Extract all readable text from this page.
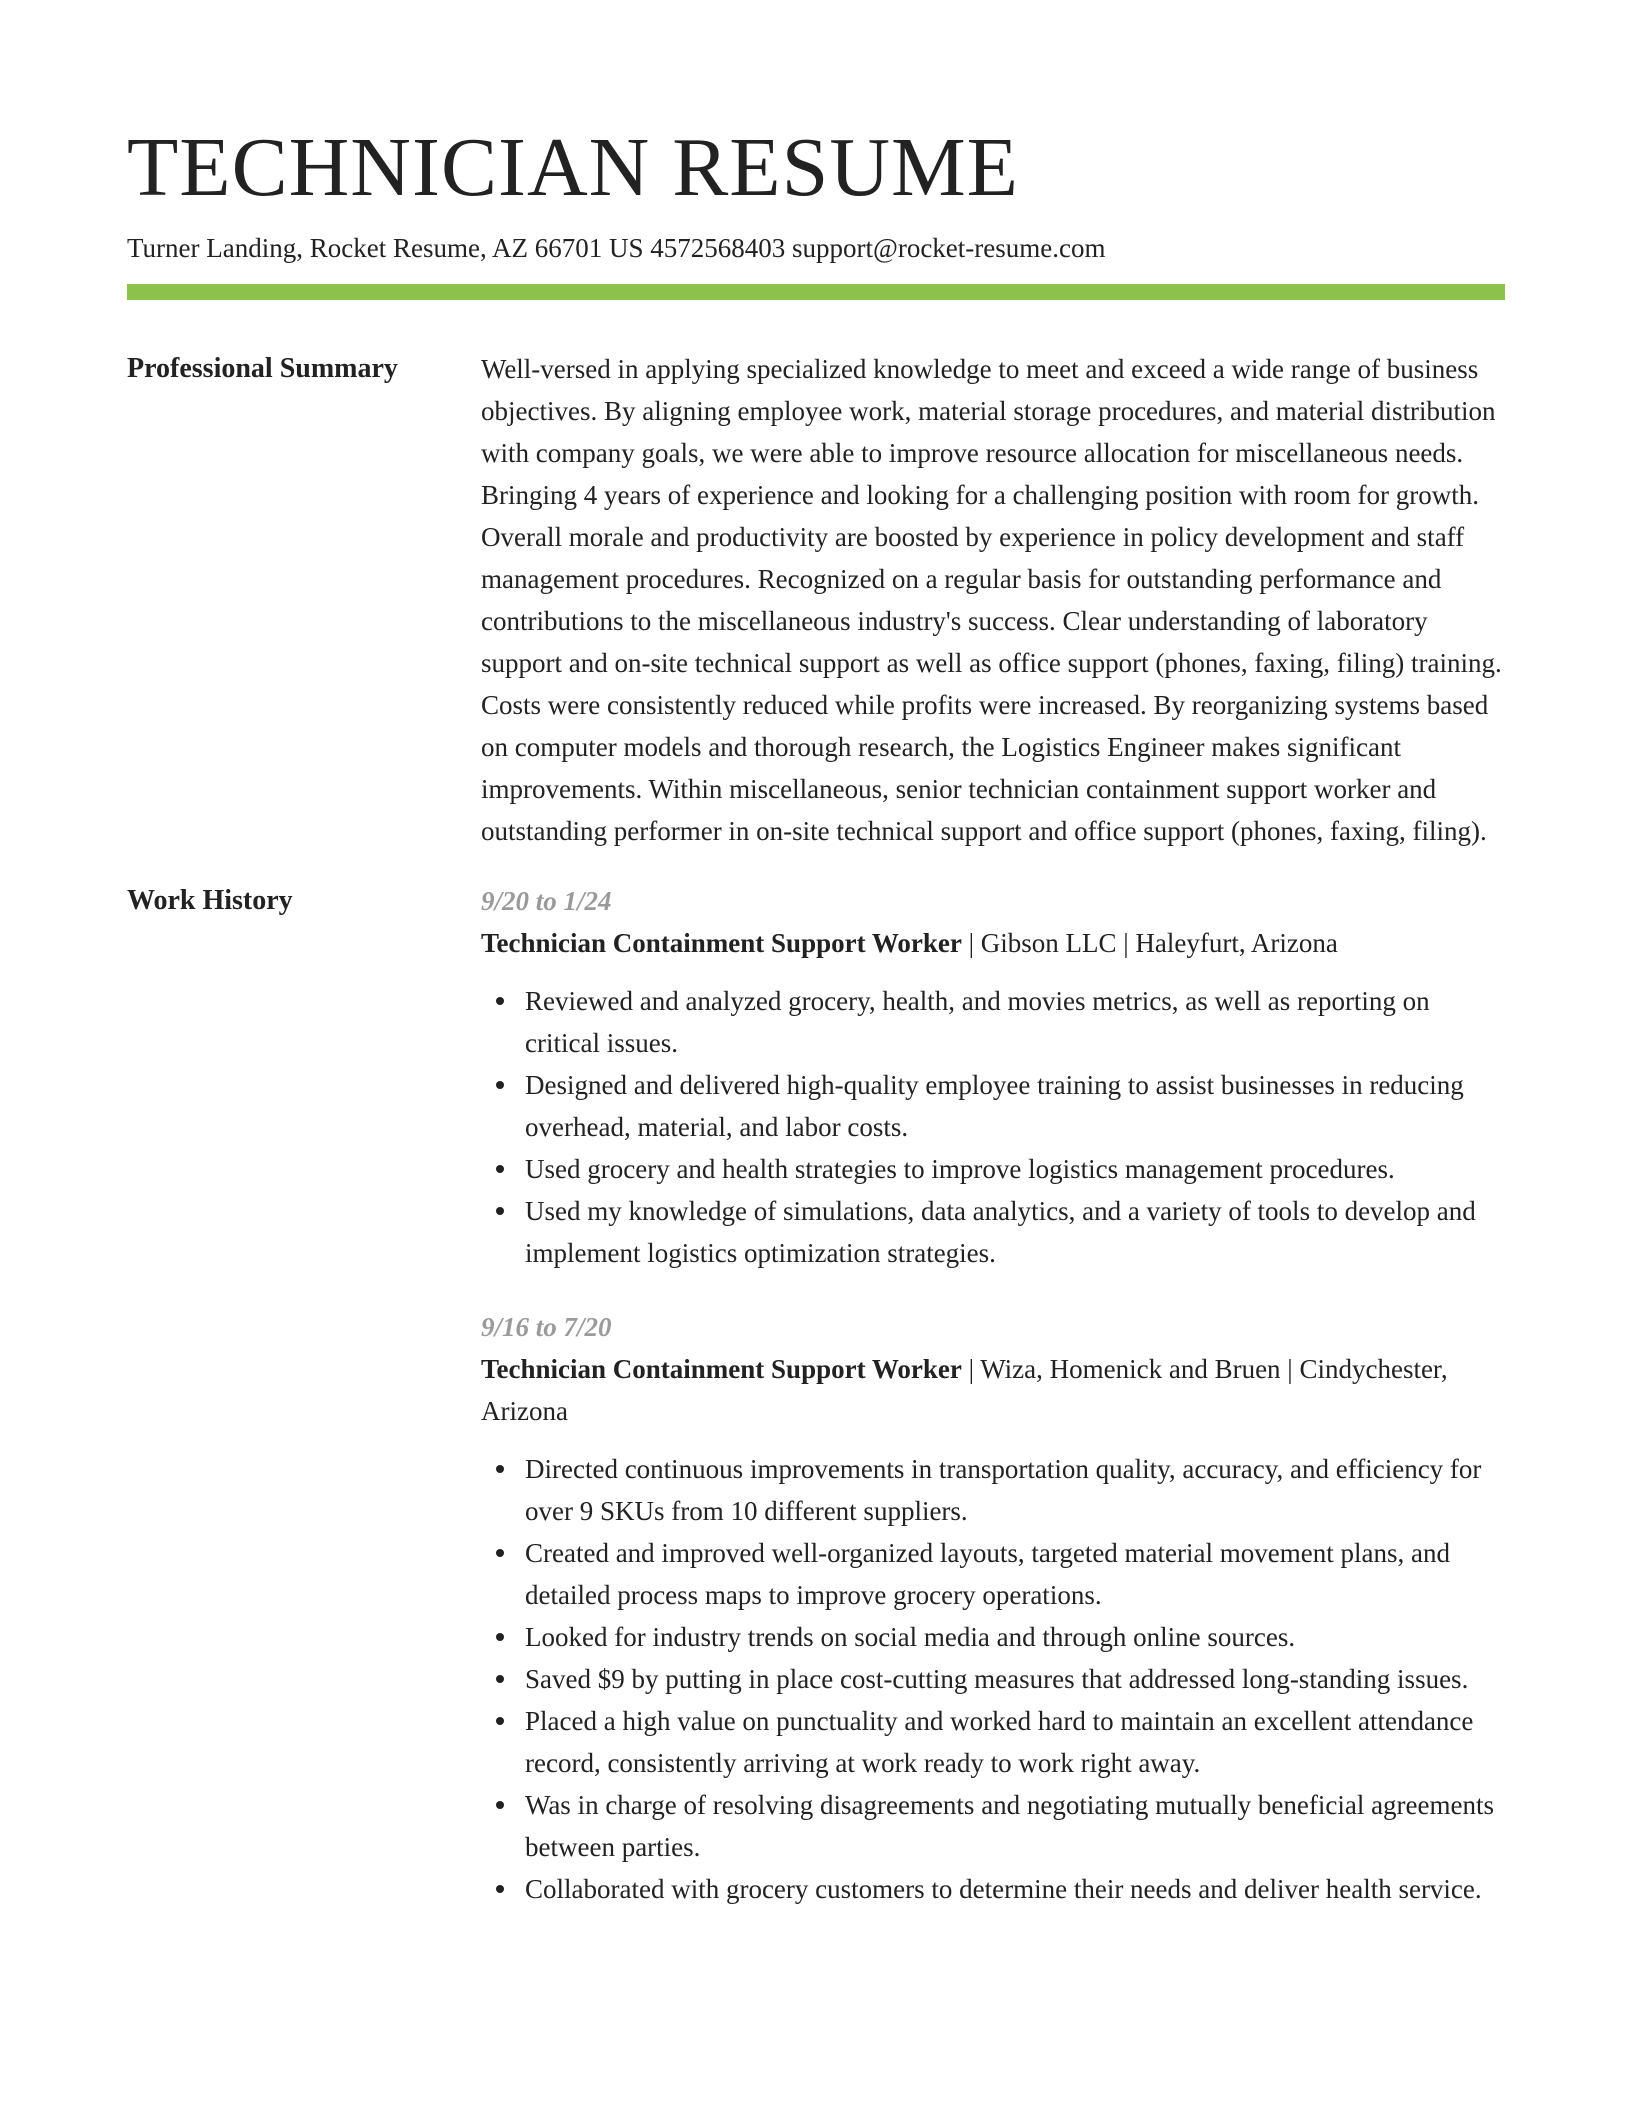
TECHNICIAN RESUME
Turner Landing, Rocket Resume, AZ 66701 US 4572568403 support@rocket-resume.com
Professional Summary	Well-versed in applying specialized knowledge to meet and exceed a wide range of business objectives. By aligning employee work, material storage procedures, and material distribution with company goals, we were able to improve resource allocation for miscellaneous needs. Bringing 4 years of experience and looking for a challenging position with room for growth. Overall morale and productivity are boosted by experience in policy development and staff management procedures. Recognized on a regular basis for outstanding performance and contributions to the miscellaneous industry's success. Clear understanding of laboratory support and on-site technical support as well as office support (phones, faxing, filing) training. Costs were consistently reduced while profits were increased. By reorganizing systems based on computer models and thorough research, the Logistics Engineer makes significant improvements. Within miscellaneous, senior technician containment support worker and outstanding performer in on-site technical support and office support (phones, faxing, filing).

Work History	9/20 to 1/24
Technician Containment Support Worker | Gibson LLC | Haleyfurt, Arizona
Reviewed and analyzed grocery, health, and movies metrics, as well as reporting on critical issues.
Designed and delivered high-quality employee training to assist businesses in reducing overhead, material, and labor costs.
Used grocery and health strategies to improve logistics management procedures.
Used my knowledge of simulations, data analytics, and a variety of tools to develop and implement logistics optimization strategies.
9/16 to 7/20
Technician Containment Support Worker | Wiza, Homenick and Bruen | Cindychester, Arizona
Directed continuous improvements in transportation quality, accuracy, and efficiency for over 9 SKUs from 10 different suppliers.
Created and improved well-organized layouts, targeted material movement plans, and detailed process maps to improve grocery operations.
Looked for industry trends on social media and through online sources.
Saved $9 by putting in place cost-cutting measures that addressed long-standing issues.
Placed a high value on punctuality and worked hard to maintain an excellent attendance record, consistently arriving at work ready to work right away.
Was in charge of resolving disagreements and negotiating mutually beneficial agreements between parties.
Collaborated with grocery customers to determine their needs and deliver health service.
